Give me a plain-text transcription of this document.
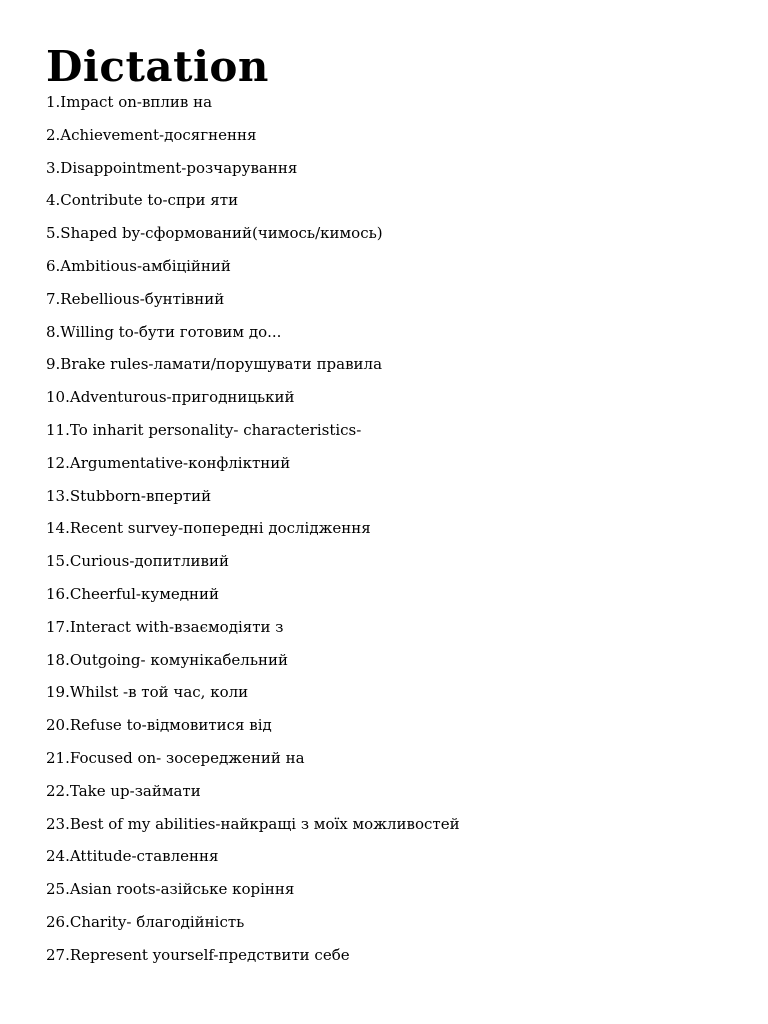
Dictation
1.Impact on-вплив на
2.Achievement-досягнення
3.Disappointment-розчарування
4.Contribute to-спри яти
5.Shaped by-сформований(чимось/кимось)
6.Ambitious-амбіційний
7.Rebellious-бунтівний
8.Willing to-бути готовим до...
9.Brake rules-ламати/порушувати правила
10.Adventurous-пригодницький
11.To inharit personality- characteristics-
12.Argumentative-конфліктний
13.Stubborn-впертий
14.Recent survey-попередні дослідження
15.Curious-допитливий
16.Cheerful-кумедний
17.Interact with-взаємодіяти з
18.Outgoing- комунікабельний
19.Whilst -в той час, коли
20.Refuse to-відмовитися від
21.Focused on- зосереджений на
22.Take up-займати
23.Best of my abilities-найкращі з моїх можливостей
24.Attitude-ставлення
25.Asian roots-азійське коріння
26.Charity- благодійність
27.Represent yourself-предствити себе
